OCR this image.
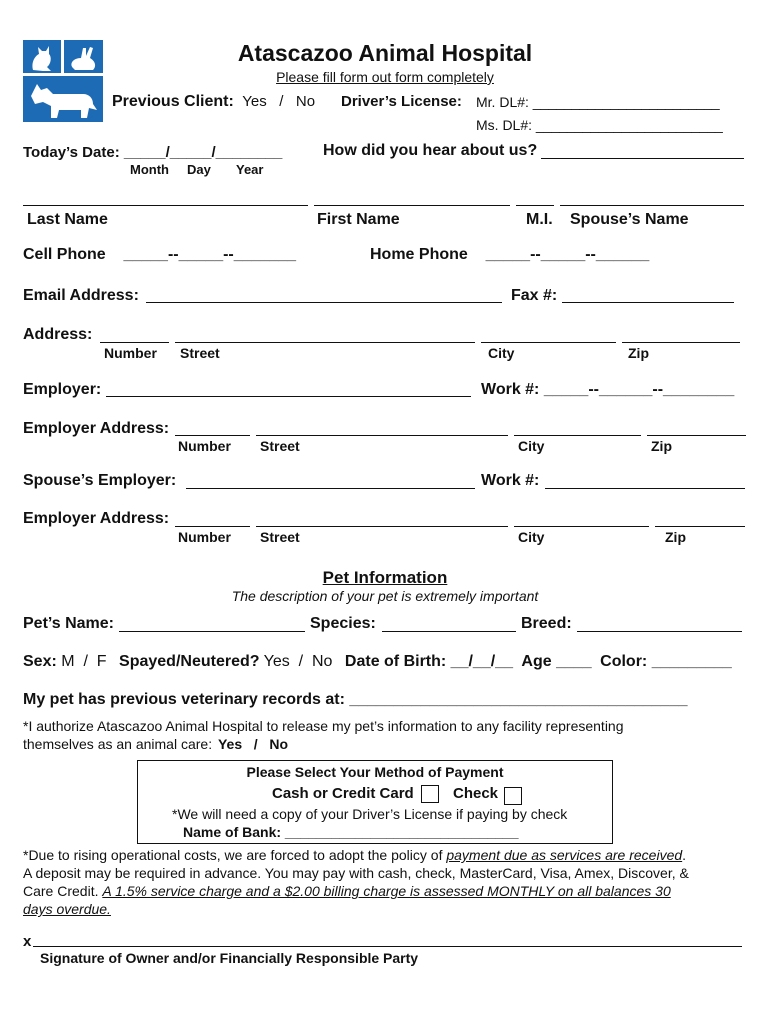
Atascazoo Animal Hospital
Please fill form out form completely
Previous Client: Yes   /   No Driver’s License: Mr. DL#: ________________________
Ms. DL#: ________________________
Today’s Date: _____/_____/________
Month Day Year
How did you hear about us?
Last Name	First Name	M.I. Spouse’s Name
Cell Phone    _____--_____--_______	Home Phone    _____--_____--______
Email Address:	Fax #:
Address:
Number Street	City	Zip
Employer:	Work #: _____--______--________
Employer Address:
Number Street	City	Zip
Spouse’s Employer:	Work #:
Employer Address:
Number Street	City	Zip
Pet Information
The description of your pet is extremely important
Pet’s Name:	Species:	Breed:
Sex: M  /  F Spayed/Neutered? Yes  /  No Date of Birth: __/__/__ Age ____ Color: _________
My pet has previous veterinary records at: ______________________________________
*I authorize Atascazoo Animal Hospital to release my pet’s information to any facility representing
themselves as an animal care: Yes   /   No
Please Select Your Method of Payment
Cash or Credit Card	Check
*We will need a copy of your Driver’s License if paying by check
Name of Bank: ______________________________
*Due to rising operational costs, we are forced to adopt the policy of payment due as services are received.
A deposit may be required in advance. You may pay with cash, check, MasterCard, Visa, Amex, Discover, &
Care Credit. A 1.5% service charge and a $2.00 billing charge is assessed MONTHLY on all balances 30
days overdue.
x
Signature of Owner and/or Financially Responsible Party
